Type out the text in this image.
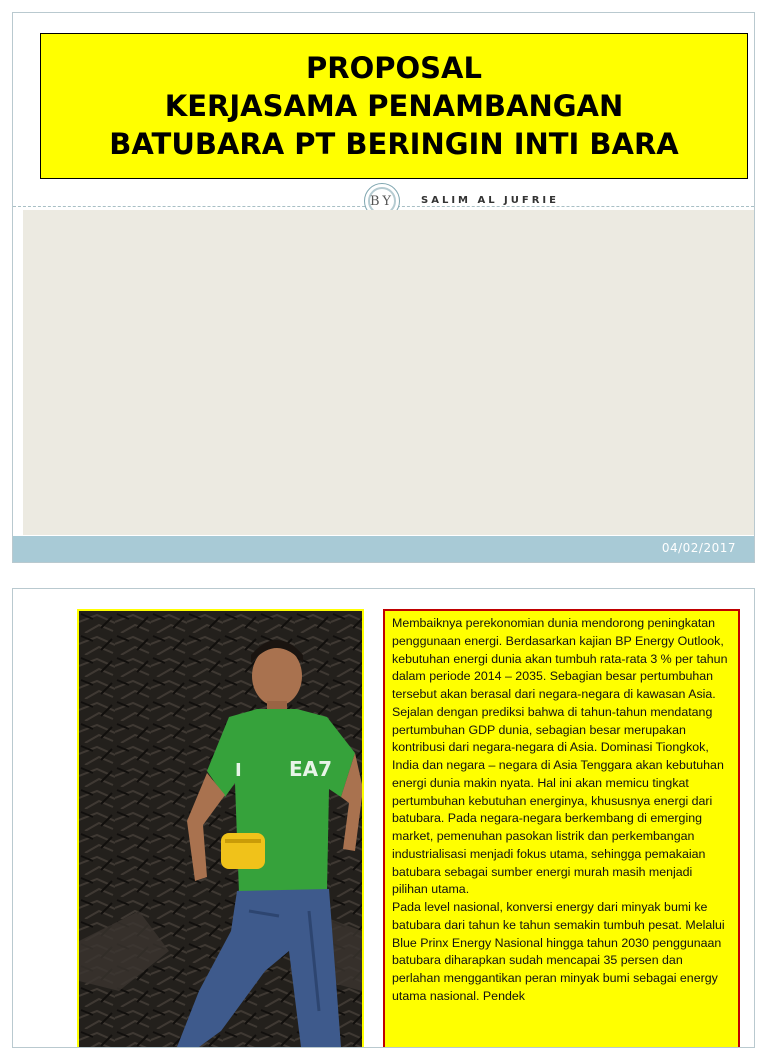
PROPOSAL
KERJASAMA PENAMBANGAN
BATUBARA PT BERINGIN INTI BARA
BY	SALIM AL JUFRIE
04/02/2017
EA7
I

Membaiknya perekonomian dunia mendorong peningkatan penggunaan energi. Berdasarkan kajian BP Energy Outlook, kebutuhan energi dunia akan tumbuh rata-rata 3 % per tahun dalam periode 2014 – 2035. Sebagian besar pertumbuhan tersebut akan berasal dari negara-negara di kawasan Asia. Sejalan dengan prediksi bahwa di tahun-tahun mendatang pertumbuhan GDP dunia, sebagian besar merupakan kontribusi dari negara-negara di Asia. Dominasi Tiongkok, India dan negara – negara di Asia Tenggara akan kebutuhan energi dunia makin nyata. Hal ini akan memicu tingkat pertumbuhan kebutuhan energinya, khususnya energi dari batubara. Pada negara-negara berkembang di emerging market, pemenuhan pasokan listrik dan perkembangan industrialisasi menjadi fokus utama, sehingga pemakaian batubara sebagai sumber energi murah masih menjadi pilihan utama.

Pada level nasional, konversi energy dari minyak bumi ke batubara dari tahun ke tahun semakin tumbuh pesat. Melalui Blue Prinx Energy Nasional hingga tahun 2030 penggunaan batubara diharapkan sudah mencapai 35 persen dan perlahan menggantikan peran minyak bumi sebagai energy utama nasional. Pendek
